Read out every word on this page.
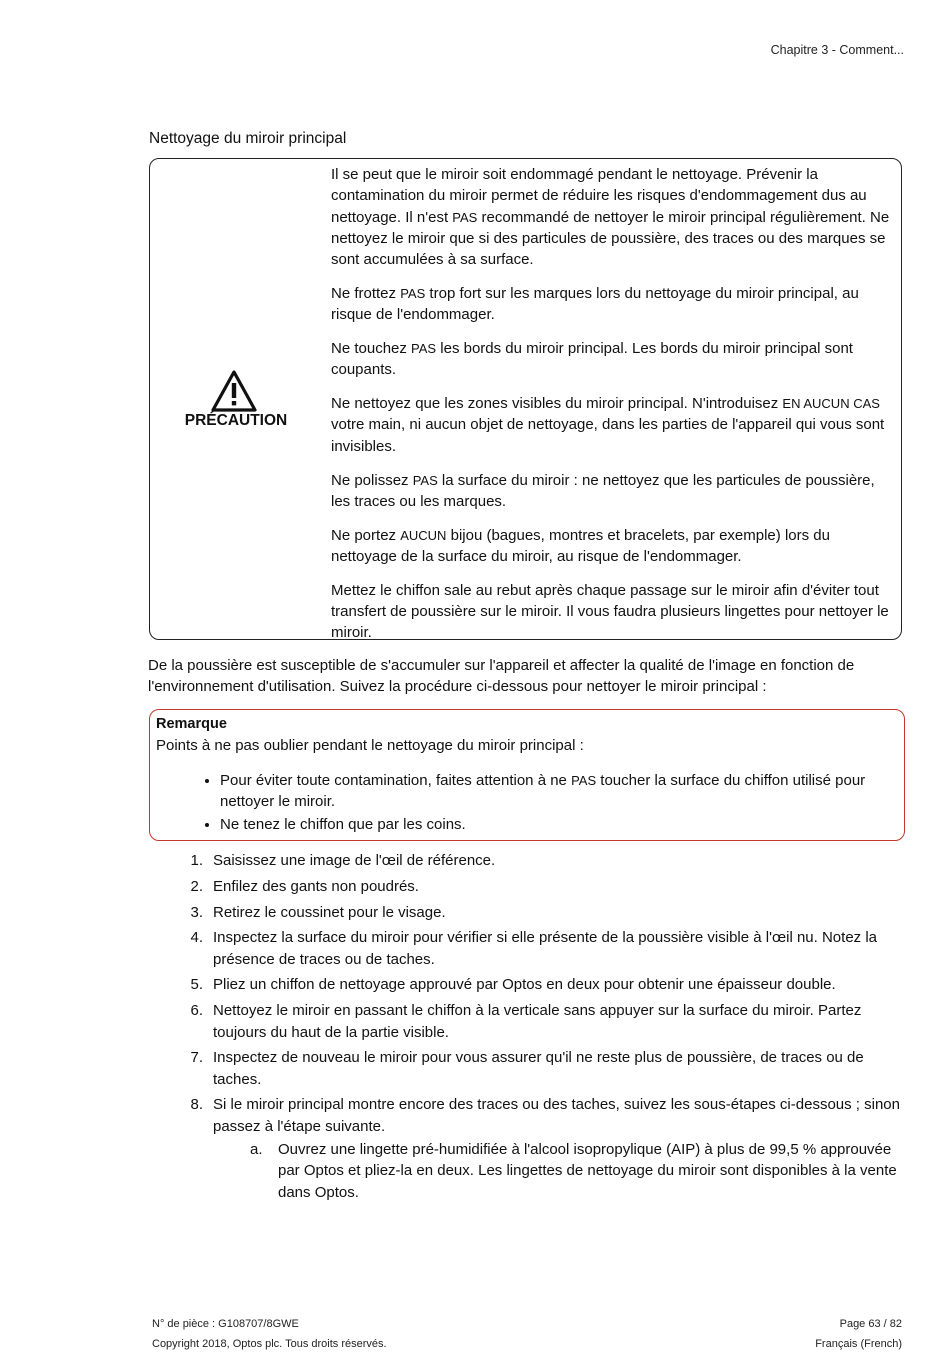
Chapitre 3 - Comment...
Nettoyage du miroir principal
PRÉCAUTION

Il se peut que le miroir soit endommagé pendant le nettoyage. Prévenir la contamination du miroir permet de réduire les risques d'endommagement dus au nettoyage. Il n'est PAS recommandé de nettoyer le miroir principal régulièrement. Ne nettoyez le miroir que si des particules de poussière, des traces ou des marques se sont accumulées à sa surface.

Ne frottez PAS trop fort sur les marques lors du nettoyage du miroir principal, au risque de l'endommager.

Ne touchez PAS les bords du miroir principal. Les bords du miroir principal sont coupants.

Ne nettoyez que les zones visibles du miroir principal. N'introduisez EN AUCUN CAS votre main, ni aucun objet de nettoyage, dans les parties de l'appareil qui vous sont invisibles.

Ne polissez PAS la surface du miroir : ne nettoyez que les particules de poussière, les traces ou les marques.

Ne portez AUCUN bijou (bagues, montres et bracelets, par exemple) lors du nettoyage de la surface du miroir, au risque de l'endommager.

Mettez le chiffon sale au rebut après chaque passage sur le miroir afin d'éviter tout transfert de poussière sur le miroir. Il vous faudra plusieurs lingettes pour nettoyer le miroir.

De la poussière est susceptible de s'accumuler sur l'appareil et affecter la qualité de l'image en fonction de l'environnement d'utilisation. Suivez la procédure ci-dessous pour nettoyer le miroir principal :

Remarque
Points à ne pas oublier pendant le nettoyage du miroir principal :
• Pour éviter toute contamination, faites attention à ne PAS toucher la surface du chiffon utilisé pour nettoyer le miroir.
• Ne tenez le chiffon que par les coins.
1. Saisissez une image de l'œil de référence.
2. Enfilez des gants non poudrés.
3. Retirez le coussinet pour le visage.
4. Inspectez la surface du miroir pour vérifier si elle présente de la poussière visible à l'œil nu. Notez la présence de traces ou de taches.
5. Pliez un chiffon de nettoyage approuvé par Optos en deux pour obtenir une épaisseur double.
6. Nettoyez le miroir en passant le chiffon à la verticale sans appuyer sur la surface du miroir. Partez toujours du haut de la partie visible.
7. Inspectez de nouveau le miroir pour vous assurer qu'il ne reste plus de poussière, de traces ou de taches.
8. Si le miroir principal montre encore des traces ou des taches, suivez les sous-étapes ci-dessous ; sinon passez à l'étape suivante.
a. Ouvrez une lingette pré-humidifiée à l'alcool isopropylique (AIP) à plus de 99,5 % approuvée par Optos et pliez-la en deux. Les lingettes de nettoyage du miroir sont disponibles à la vente dans Optos.
N° de pièce : G108707/8GWE	Page 63 / 82
Copyright 2018, Optos plc. Tous droits réservés.	Français (French)
